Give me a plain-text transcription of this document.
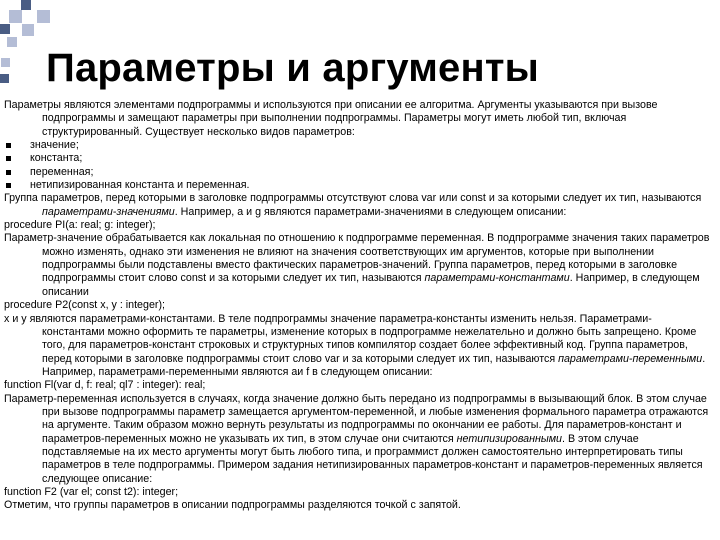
Параметры и аргументы

Параметры являются элементами подпрограммы и используются при описании ее алгоритма. Аргументы указываются при вызове подпрограммы и замещают параметры при выполнении подпрограммы. Параметры могут иметь любой тип, включая структурированный. Существует несколько видов параметров:

значение;
константа;
переменная;
нетипизированная константа и переменная.

Группа параметров, перед которыми в заголовке подпрограммы отсутствуют слова var или const и за которыми следует их тип, называются параметрами-значениями. Например, а и g являются параметрами-значениями в следующем описании:

procedure PI(a: real; g: integer);

Параметр-значение обрабатывается как локальная по отношению к подпрограмме переменная. В подпрограмме значения таких параметров можно изменять, однако эти изменения не влияют на значения соответствующих им аргументов, которые при выполнении подпрограммы были подставлены вместо фактических параметров-значений. Группа параметров, перед которыми в заголовке подпрограммы стоит слово const и за которыми следует их тип, называются параметрами-константами. Например, в следующем описании

procedure P2(const x, у : integer);

х и у являются параметрами-константами. В теле подпрограммы значение параметра-константы изменить нельзя. Параметрами-константами можно оформить те параметры, изменение которых в подпрограмме нежелательно и должно быть запрещено. Кроме того, для параметров-констант строковых и структурных типов компилятор создает более эффективный код. Группа параметров, перед которыми в заголовке подпрограммы стоит слово var и за которыми следует их тип, называются параметрами-переменными. Например, параметрами-переменными являются аи f в следующем описании:

function Fl(var d, f: real; ql7 : integer): real;

Параметр-переменная используется в случаях, когда значение должно быть передано из подпрограммы в вызывающий блок. В этом случае при вызове подпрограммы параметр замещается аргументом-переменной, и любые изменения формального параметра отражаются на аргументе. Таким образом можно вернуть результаты из подпрограммы по окончании ее работы. Для параметров-констант и параметров-переменных можно не указывать их тип, в этом случае они считаются нетипизированными. В этом случае подставляемые на их место аргументы могут быть любого типа, и программист должен самостоятельно интерпретировать типы параметров в теле подпрограммы. Примером задания нетипизированных параметров-констант и параметров-переменных является следующее описание:

function F2 (var el; const t2): integer;

Отметим, что группы параметров в описании подпрограммы разделяются точкой с запятой.
